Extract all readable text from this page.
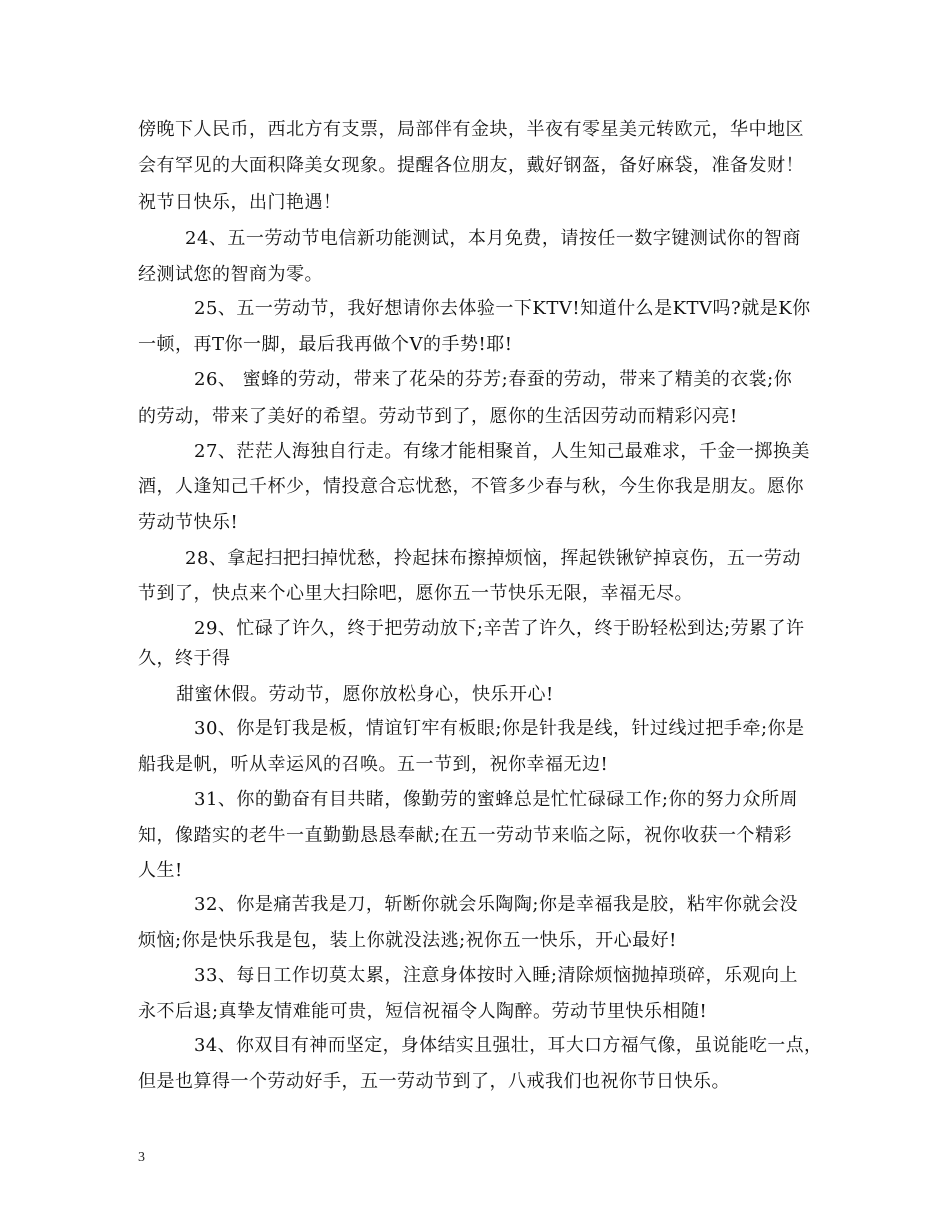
傍晚下人民币，西北方有支票，局部伴有金块，半夜有零星美元转欧元，华中地区
会有罕见的大面积降美女现象。提醒各位朋友，戴好钢盔，备好麻袋，准备发财！
祝节日快乐，出门艳遇！
24、五一劳动节电信新功能测试，本月免费，请按任一数字键测试你的智商
经测试您的智商为零。
25、五一劳动节，我好想请你去体验一下KTV!知道什么是KTV吗?就是K你
一顿，再T你一脚，最后我再做个V的手势!耶!
26、 蜜蜂的劳动，带来了花朵的芬芳;春蚕的劳动，带来了精美的衣裳;你
的劳动，带来了美好的希望。劳动节到了，愿你的生活因劳动而精彩闪亮!
27、茫茫人海独自行走。有缘才能相聚首，人生知己最难求，千金一掷换美
酒，人逢知己千杯少，情投意合忘忧愁，不管多少春与秋，今生你我是朋友。愿你
劳动节快乐!
28、拿起扫把扫掉忧愁，拎起抹布擦掉烦恼，挥起铁锹铲掉哀伤，五一劳动
节到了，快点来个心里大扫除吧，愿你五一节快乐无限，幸福无尽。
29、忙碌了许久，终于把劳动放下;辛苦了许久，终于盼轻松到达;劳累了许
久，终于得
甜蜜休假。劳动节，愿你放松身心，快乐开心!
30、你是钉我是板，情谊钉牢有板眼;你是针我是线，针过线过把手牵;你是
船我是帆，听从幸运风的召唤。五一节到，祝你幸福无边!
31、你的勤奋有目共睹，像勤劳的蜜蜂总是忙忙碌碌工作;你的努力众所周
知，像踏实的老牛一直勤勤恳恳奉献;在五一劳动节来临之际，祝你收获一个精彩
人生!
32、你是痛苦我是刀，斩断你就会乐陶陶;你是幸福我是胶，粘牢你就会没
烦恼;你是快乐我是包，装上你就没法逃;祝你五一快乐，开心最好!
33、每日工作切莫太累，注意身体按时入睡;清除烦恼抛掉琐碎，乐观向上
永不后退;真挚友情难能可贵，短信祝福令人陶醉。劳动节里快乐相随!
34、你双目有神而坚定，身体结实且强壮，耳大口方福气像，虽说能吃一点，
但是也算得一个劳动好手，五一劳动节到了，八戒我们也祝你节日快乐。
3
